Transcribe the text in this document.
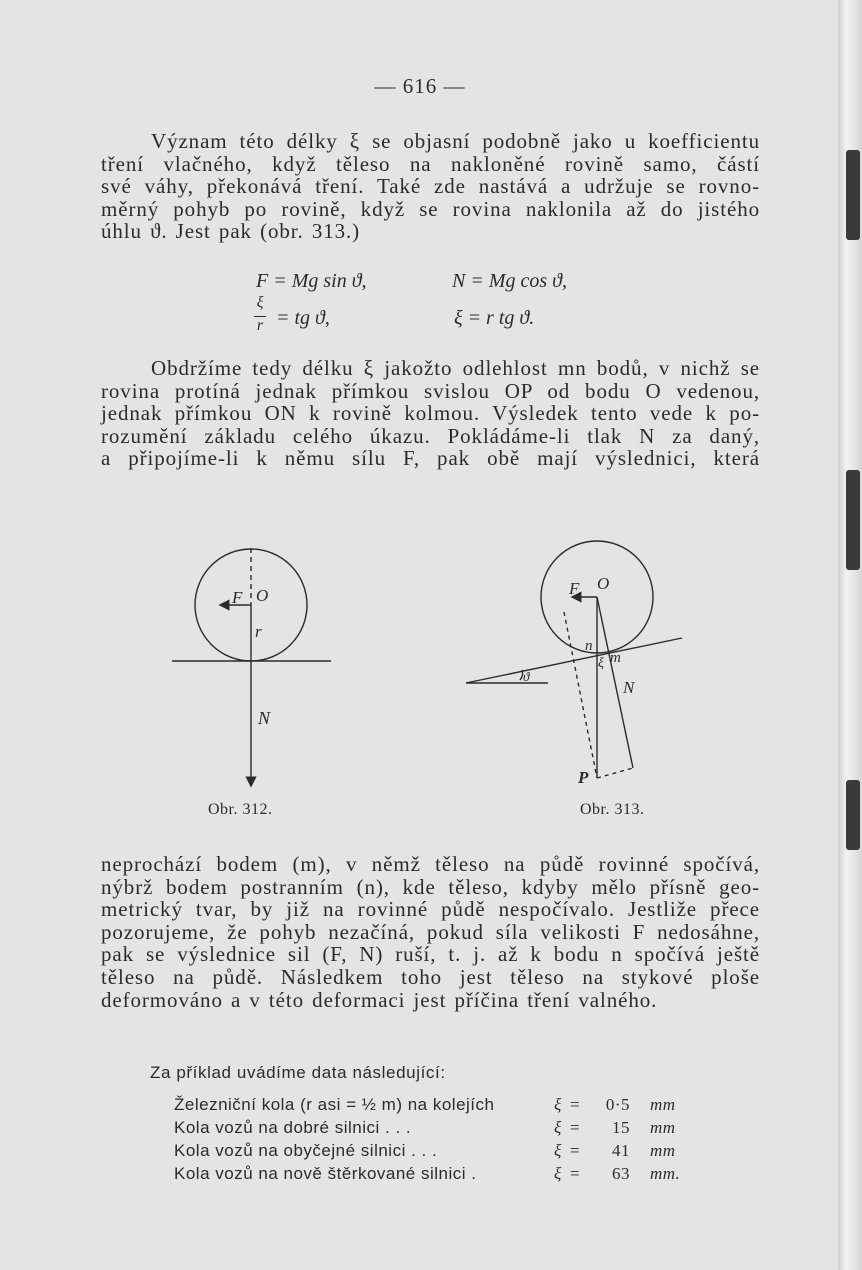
— 616 —
Význam této délky ξ se objasní podobně jako u koefficientu
tření vlačného, když těleso na nakloněné rovině samo, částí
své váhy, překonává tření. Také zde nastává a udržuje se rovno-
měrný pohyb po rovině, když se rovina naklonila až do jistého
úhlu ϑ. Jest pak (obr. 313.)
F = Mg sin ϑ,	N = Mg cos ϑ,
ξ
r = tg ϑ,	ξ = r tg ϑ.
Obdržíme tedy délku ξ jakožto odlehlost mn bodů, v nichž se
rovina protíná jednak přímkou svislou OP od bodu O vedenou,
jednak přímkou ON k rovině kolmou. Výsledek tento vede k po-
rozumění základu celého úkazu. Pokládáme-li tlak N za daný,
a připojíme-li k němu sílu F, pak obě mají výslednici, která
F O
r
N
Obr. 312.
F O
n
ξ m
N
P
ϑ
Obr. 313.
neprochází bodem (m), v němž těleso na půdě rovinné spočívá,
nýbrž bodem postranním (n), kde těleso, kdyby mělo přísně geo-
metrický tvar, by již na rovinné půdě nespočívalo. Jestliže přece
pozorujeme, že pohyb nezačíná, pokud síla velikosti F nedosáhne,
pak se výslednice sil (F, N) ruší, t. j. až k bodu n spočívá ještě
těleso na půdě. Následkem toho jest těleso na stykové ploše
deformováno a v této deformaci jest příčina tření valného.
Za příklad uvádíme data následující:
Železniční kola (r asi = ½ m) na kolejích	ξ = 0·5 mm
Kola vozů na dobré silnici . . .	ξ =	15 mm
Kola vozů na obyčejné silnici . . .	ξ =	41 mm
Kola vozů na nově štěrkované silnici .	ξ =	63 mm.
